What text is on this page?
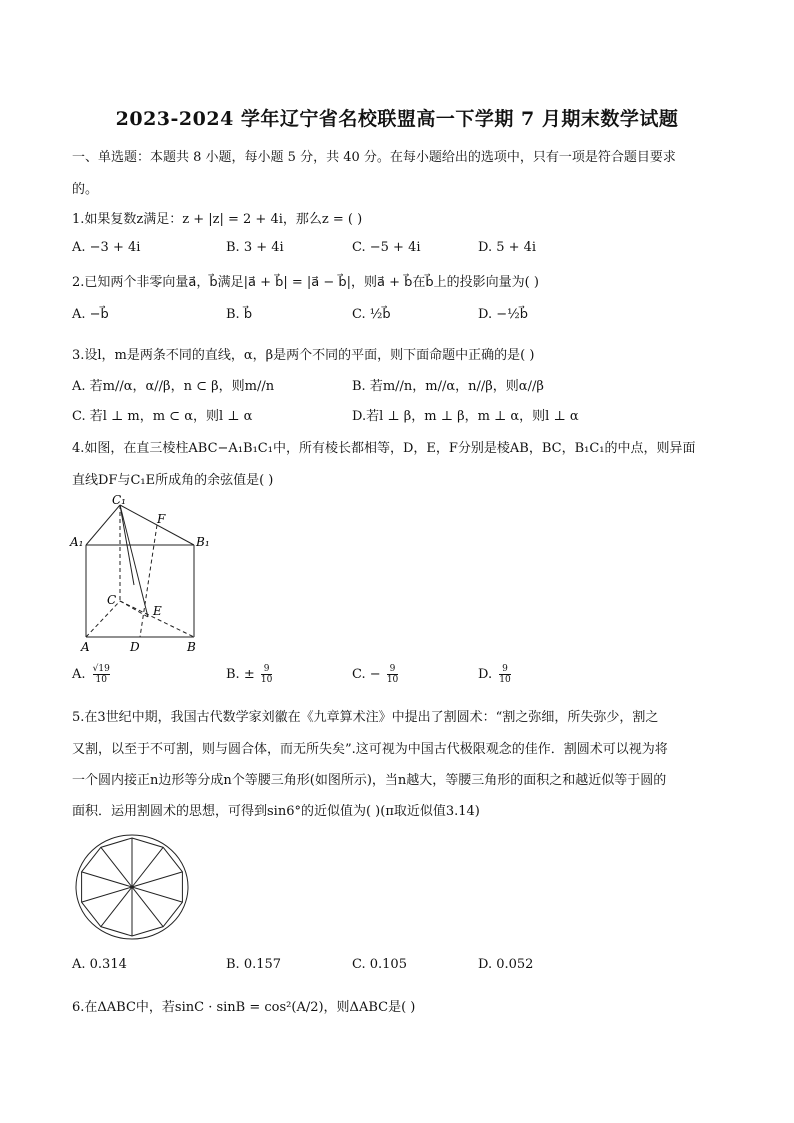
2023-2024 学年辽宁省名校联盟高一下学期 7 月期末数学试题
一、单选题：本题共 8 小题，每小题 5 分，共 40 分。在每小题给出的选项中，只有一项是符合题目要求
的。
1.如果复数z满足：z + |z| = 2 + 4i，那么z = ( )
A. −3 + 4i	B. 3 + 4i	C. −5 + 4i	D. 5 + 4i
2.已知两个非零向量a⃗，b⃗满足|a⃗ + b⃗| = |a⃗ − b⃗|，则a⃗ + b⃗在b⃗上的投影向量为( )
A. −b⃗	B. b⃗	C. ½b⃗	D. −½b⃗
3.设l，m是两条不同的直线，α，β是两个不同的平面，则下面命题中正确的是( )
A. 若m//α，α//β，n ⊂ β，则m//n	B. 若m//n，m//α，n//β，则α//β
C. 若l ⊥ m，m ⊂ α，则l ⊥ α	D.若l ⊥ β，m ⊥ β，m ⊥ α，则l ⊥ α
4.如图，在直三棱柱ABC−A₁B₁C₁中，所有棱长都相等，D，E，F分别是棱AB，BC，B₁C₁的中点，则异面
直线DF与C₁E所成角的余弦值是( )
C₁
A₁	B₁
F
C
E
A	D	B
A. $\frac{√19}{10}$	B. ± $\frac{9}{10}$	C. − $\frac{9}{10}$	D. $\frac{9}{10}$
5.在3世纪中期，我国古代数学家刘徽在《九章算术注》中提出了割圆术：“割之弥细，所失弥少，割之
又割，以至于不可割，则与圆合体，而无所失矣”.这可视为中国古代极限观念的佳作．割圆术可以视为将
一个圆内接正n边形等分成n个等腰三角形(如图所示)，当n越大，等腰三角形的面积之和越近似等于圆的
面积．运用割圆术的思想，可得到sin6°的近似值为( )(π取近似值3.14)
A. 0.314	B. 0.157	C. 0.105	D. 0.052
6.在ΔABC中，若sinC · sinB = cos²(A/2)，则ΔABC是( )
